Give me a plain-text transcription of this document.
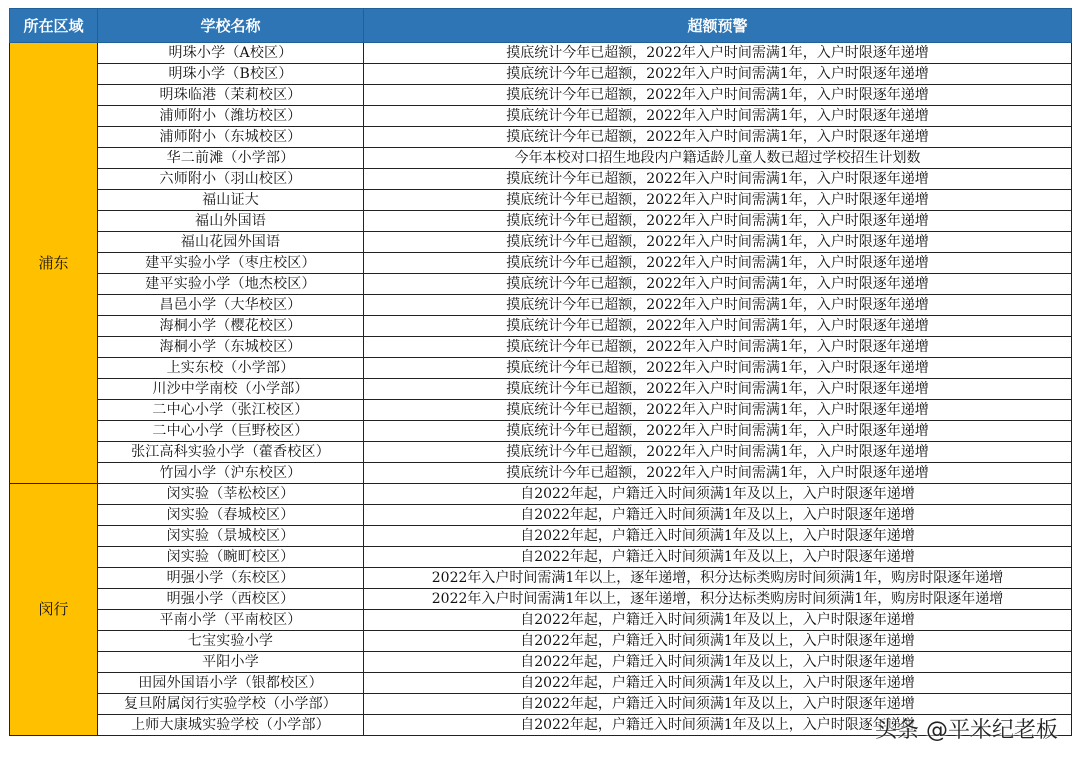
所在区域	学校名称	超额预警
浦东	明珠小学（A校区）	摸底统计今年已超额，2022年入户时间需满1年，入户时限逐年递增
	明珠小学（B校区）	摸底统计今年已超额，2022年入户时间需满1年，入户时限逐年递增
	明珠临港（茉莉校区）	摸底统计今年已超额，2022年入户时间需满1年，入户时限逐年递增
	浦师附小（潍坊校区）	摸底统计今年已超额，2022年入户时间需满1年，入户时限逐年递增
	浦师附小（东城校区）	摸底统计今年已超额，2022年入户时间需满1年，入户时限逐年递增
	华二前滩（小学部）	今年本校对口招生地段内户籍适龄儿童人数已超过学校招生计划数
	六师附小（羽山校区）	摸底统计今年已超额，2022年入户时间需满1年，入户时限逐年递增
	福山证大	摸底统计今年已超额，2022年入户时间需满1年，入户时限逐年递增
	福山外国语	摸底统计今年已超额，2022年入户时间需满1年，入户时限逐年递增
	福山花园外国语	摸底统计今年已超额，2022年入户时间需满1年，入户时限逐年递增
	建平实验小学（枣庄校区）	摸底统计今年已超额，2022年入户时间需满1年，入户时限逐年递增
	建平实验小学（地杰校区）	摸底统计今年已超额，2022年入户时间需满1年，入户时限逐年递增
	昌邑小学（大华校区）	摸底统计今年已超额，2022年入户时间需满1年，入户时限逐年递增
	海桐小学（樱花校区）	摸底统计今年已超额，2022年入户时间需满1年，入户时限逐年递增
	海桐小学（东城校区）	摸底统计今年已超额，2022年入户时间需满1年，入户时限逐年递增
	上实东校（小学部）	摸底统计今年已超额，2022年入户时间需满1年，入户时限逐年递增
	川沙中学南校（小学部）	摸底统计今年已超额，2022年入户时间需满1年，入户时限逐年递增
	二中心小学（张江校区）	摸底统计今年已超额，2022年入户时间需满1年，入户时限逐年递增
	二中心小学（巨野校区）	摸底统计今年已超额，2022年入户时间需满1年，入户时限逐年递增
	张江高科实验小学（藿香校区）	摸底统计今年已超额，2022年入户时间需满1年，入户时限逐年递增
	竹园小学（沪东校区）	摸底统计今年已超额，2022年入户时间需满1年，入户时限逐年递增
闵行	闵实验（莘松校区）	自2022年起，户籍迁入时间须满1年及以上，入户时限逐年递增
	闵实验（春城校区）	自2022年起，户籍迁入时间须满1年及以上，入户时限逐年递增
	闵实验（景城校区）	自2022年起，户籍迁入时间须满1年及以上，入户时限逐年递增
	闵实验（畹町校区）	自2022年起，户籍迁入时间须满1年及以上，入户时限逐年递增
	明强小学（东校区）	2022年入户时间需满1年以上，逐年递增，积分达标类购房时间须满1年，购房时限逐年递增
	明强小学（西校区）	2022年入户时间需满1年以上，逐年递增，积分达标类购房时间须满1年，购房时限逐年递增
	平南小学（平南校区）	自2022年起，户籍迁入时间须满1年及以上，入户时限逐年递增
	七宝实验小学	自2022年起，户籍迁入时间须满1年及以上，入户时限逐年递增
	平阳小学	自2022年起，户籍迁入时间须满1年及以上，入户时限逐年递增
	田园外国语小学（银都校区）	自2022年起，户籍迁入时间须满1年及以上，入户时限逐年递增
	复旦附属闵行实验学校（小学部）	自2022年起，户籍迁入时间须满1年及以上，入户时限逐年递增
	上师大康城实验学校（小学部）	自2022年起，户籍迁入时间须满1年及以上，入户时限逐年递增
头条 @平米纪老板
